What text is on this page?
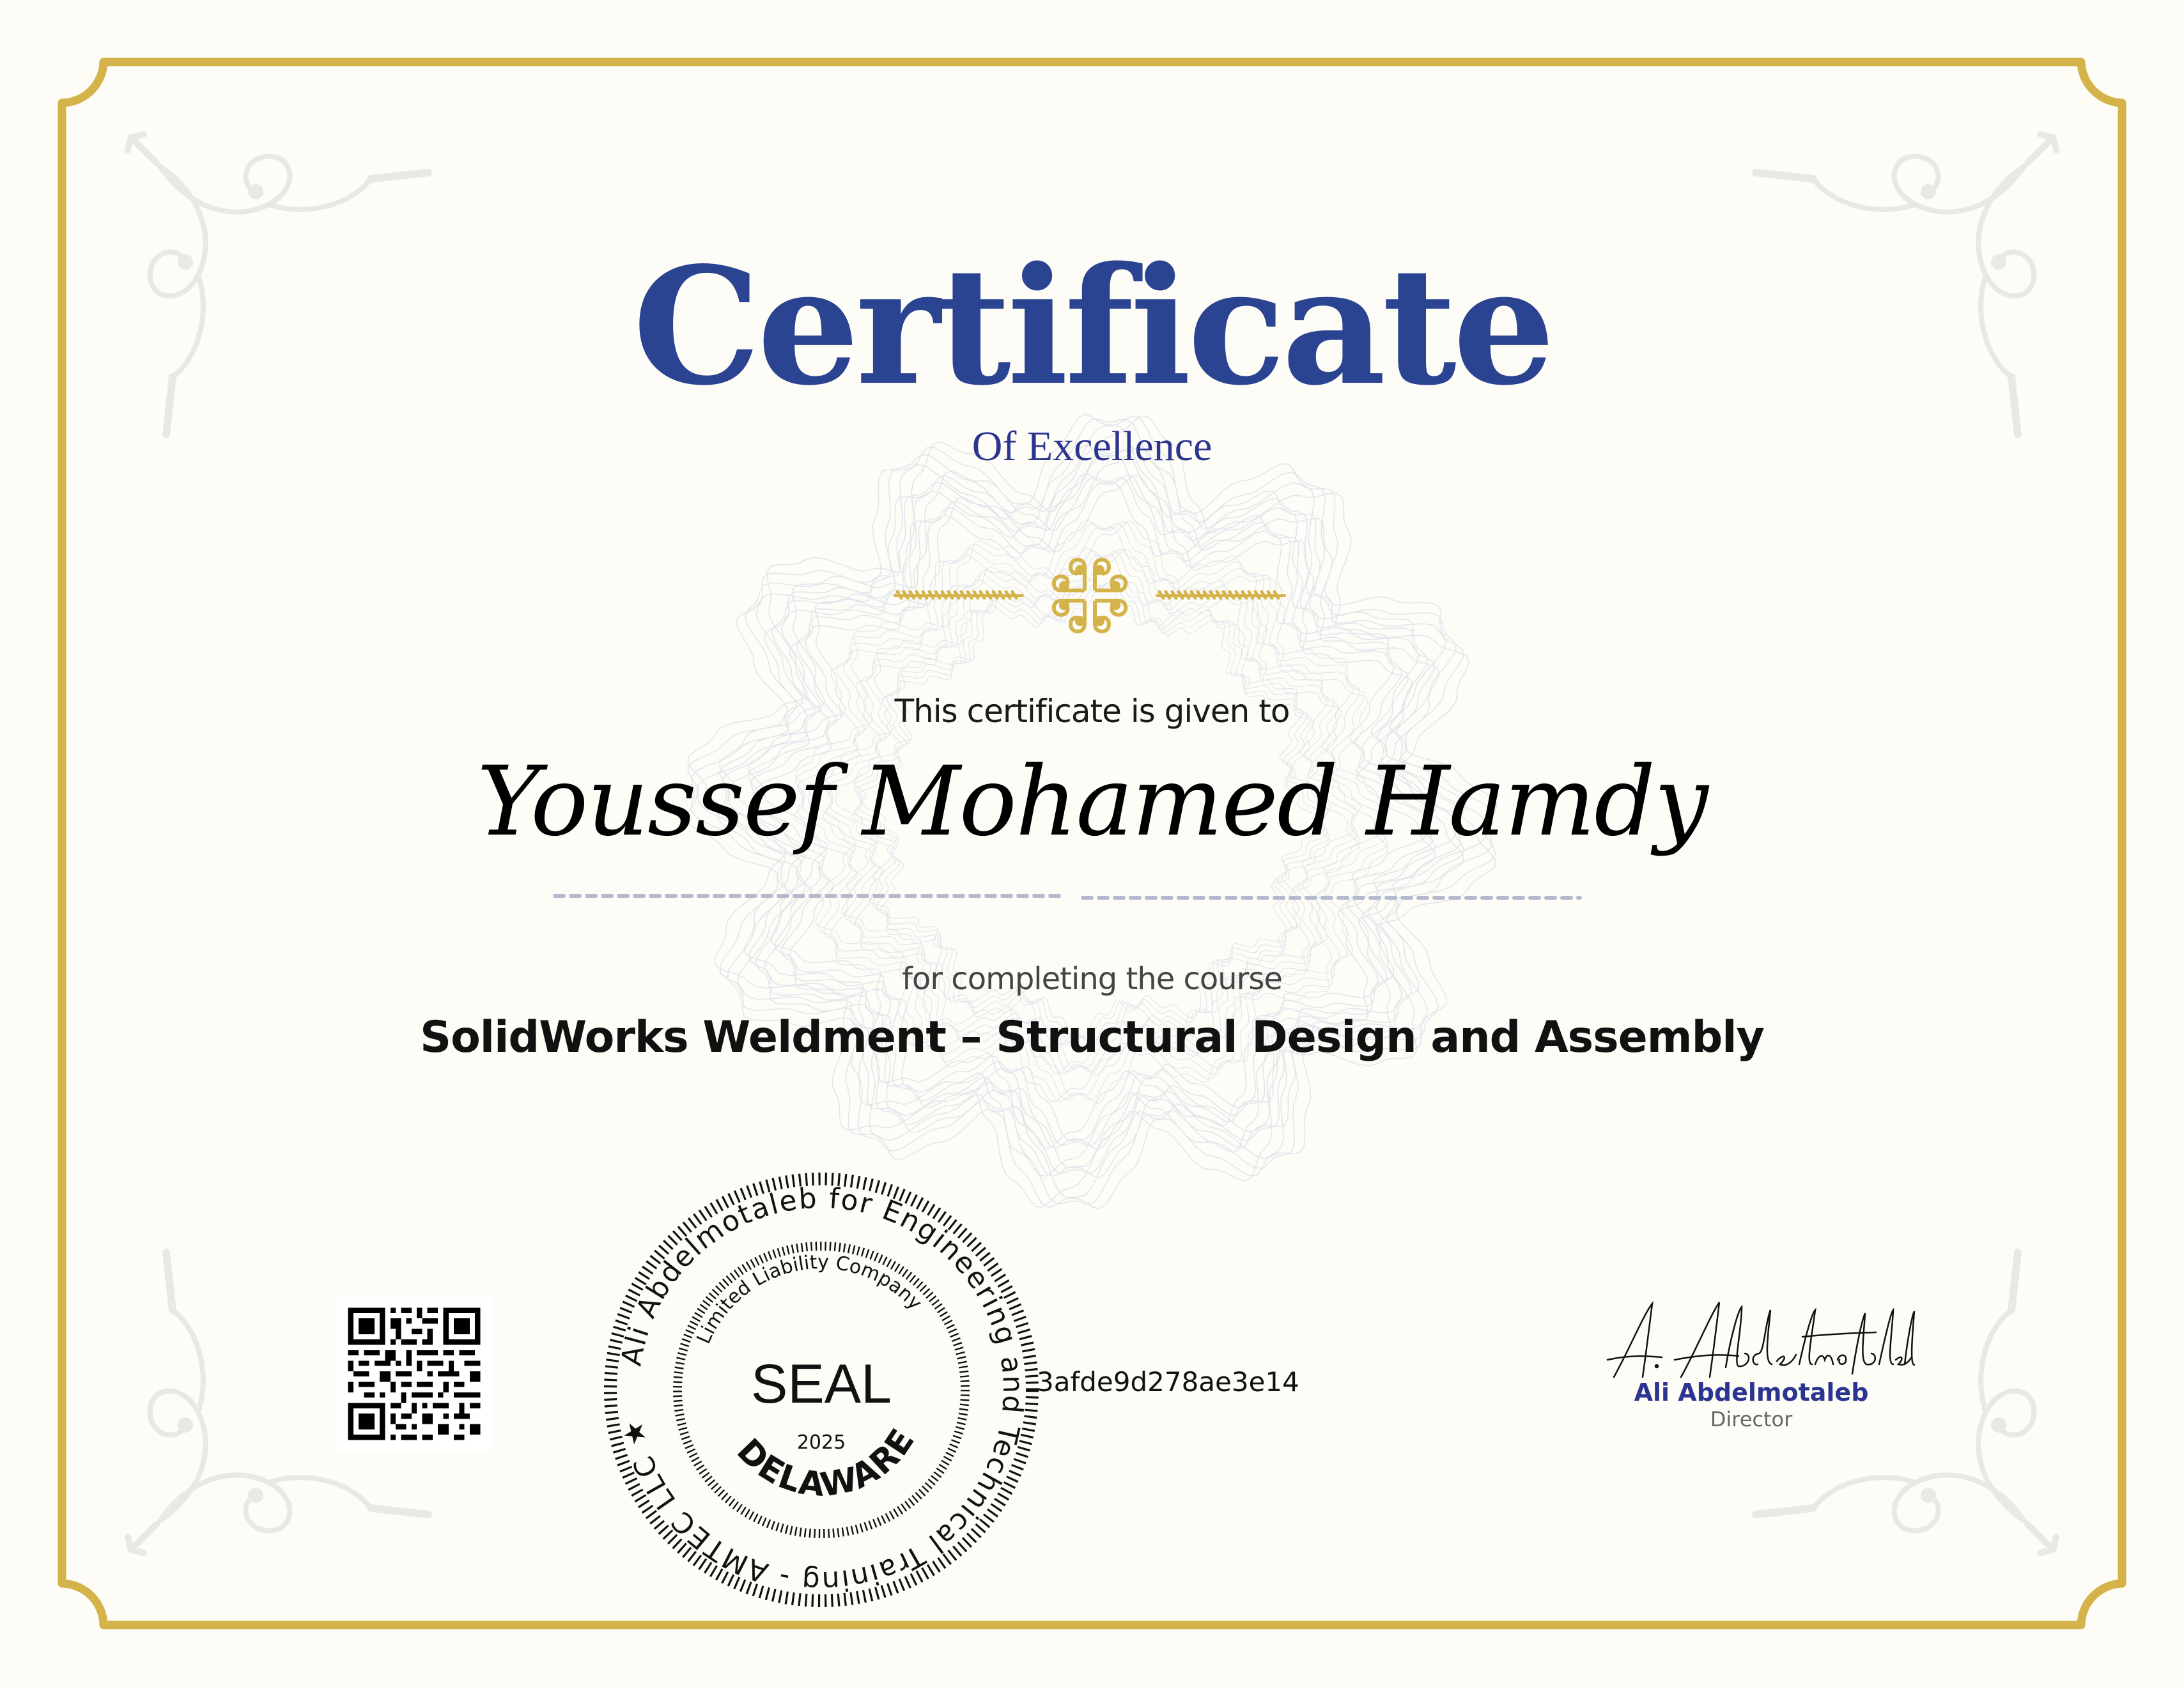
Certificate
Of Excellence
This certificate is given to
Youssef Mohamed Hamdy
for completing the course
SolidWorks Weldment – Structural Design and Assembly
Ali Abdelmotaleb for Engineering and Technical Training - AMTEC LLC ★
Limited Liability Company
SEAL
2025
DELAWARE
3afde9d278ae3e14	Ali Abdelmotaleb
Director
